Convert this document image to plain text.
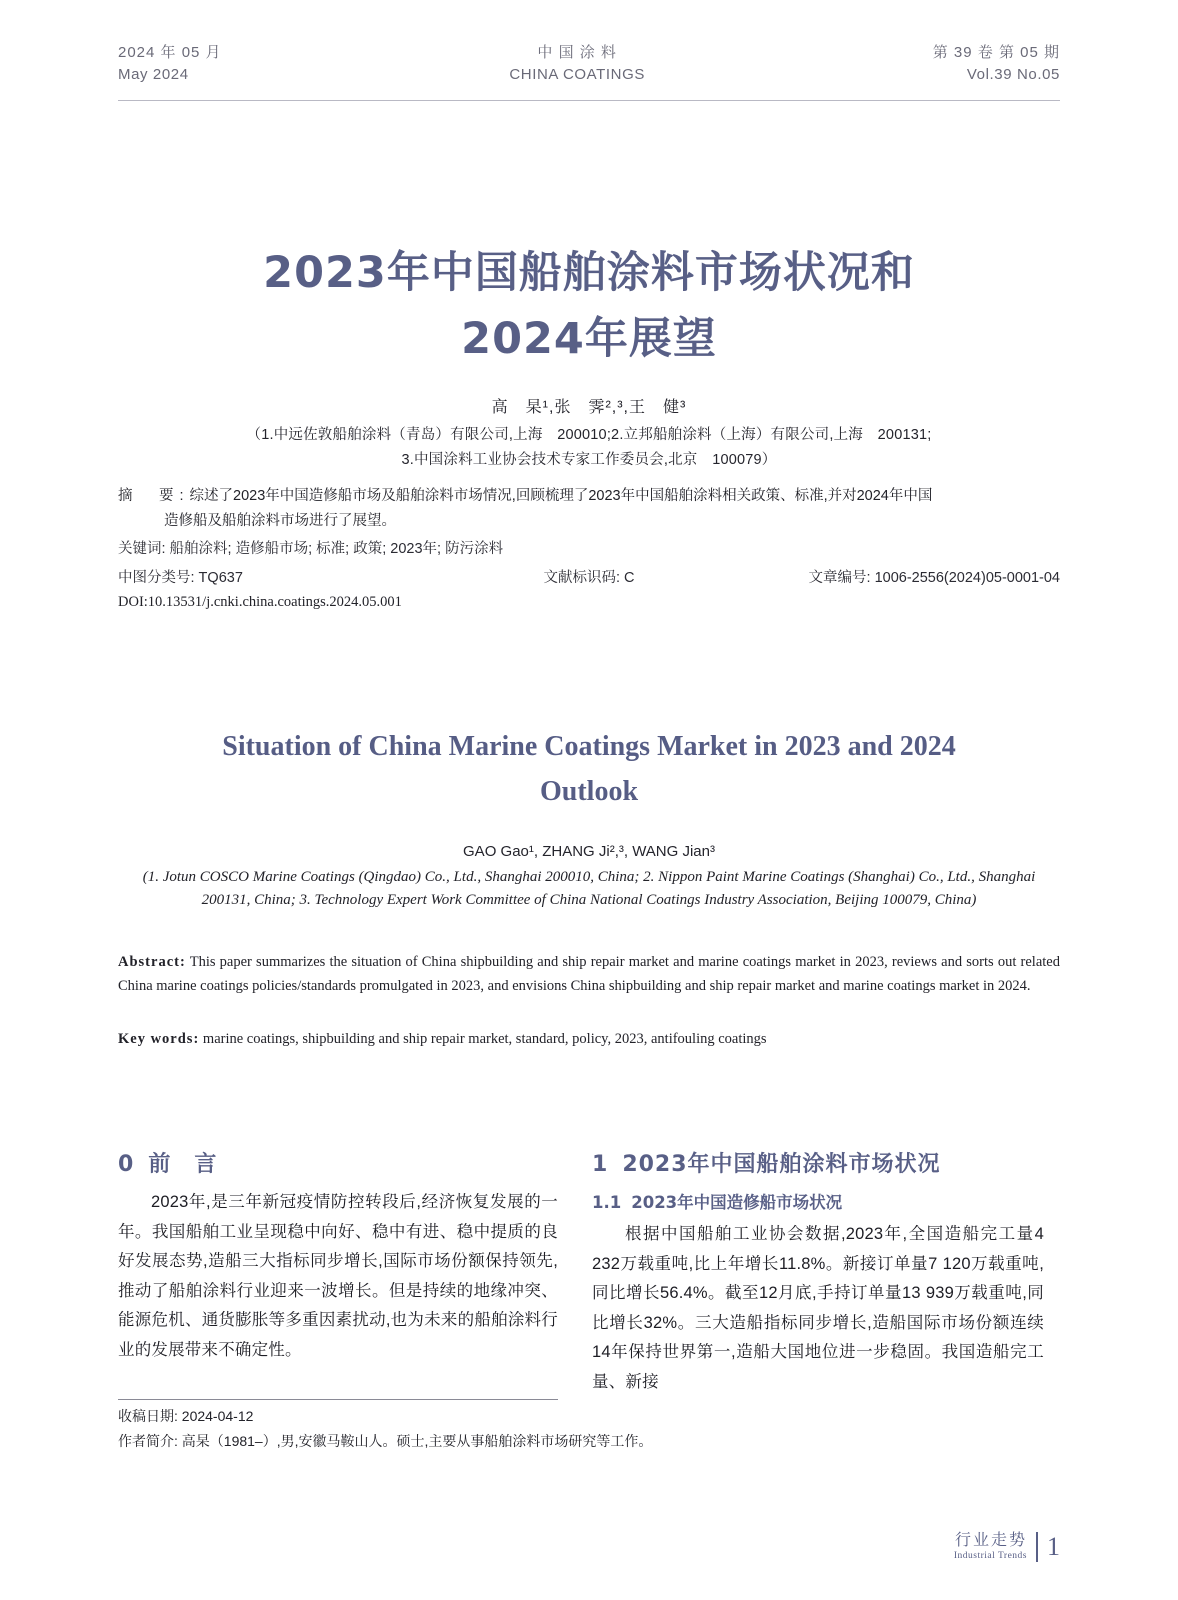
2024 年 05 月
May 2024
中 国 涂 料
CHINA COATINGS
第 39 卷 第 05 期
Vol.39 No.05
2023年中国船舶涂料市场状况和
2024年展望
高　杲¹,张　霁²,³,王　健³
（1.中远佐敦船舶涂料（青岛）有限公司,上海　200010;2.立邦船舶涂料（上海）有限公司,上海　200131;
3.中国涂料工业协会技术专家工作委员会,北京　100079）
摘　要:综述了2023年中国造修船市场及船舶涂料市场情况,回顾梳理了2023年中国船舶涂料相关政策、标准,并对2024年中国
造修船及船舶涂料市场进行了展望。
关键词: 船舶涂料; 造修船市场; 标准; 政策; 2023年; 防污涂料
中图分类号: TQ637	文献标识码: C	文章编号: 1006-2556(2024)05-0001-04
DOI:10.13531/j.cnki.china.coatings.2024.05.001
Situation of China Marine Coatings Market in 2023 and 2024
Outlook
GAO Gao¹, ZHANG Ji²,³, WANG Jian³
(1. Jotun COSCO Marine Coatings (Qingdao) Co., Ltd., Shanghai 200010, China; 2. Nippon Paint Marine Coatings (Shanghai) Co., Ltd., Shanghai 200131, China; 3. Technology Expert Work Committee of China National Coatings Industry Association, Beijing 100079, China)

Abstract: This paper summarizes the situation of China shipbuilding and ship repair market and marine coatings market in 2023, reviews and sorts out related China marine coatings policies/standards promulgated in 2023, and envisions China shipbuilding and ship repair market and marine coatings market in 2024.

Key words: marine coatings, shipbuilding and ship repair market, standard, policy, 2023, antifouling coatings
0 前　言
2023年,是三年新冠疫情防控转段后,经济恢复发展的一年。我国船舶工业呈现稳中向好、稳中有进、稳中提质的良好发展态势,造船三大指标同步增长,国际市场份额保持领先,推动了船舶涂料行业迎来一波增长。但是持续的地缘冲突、能源危机、通货膨胀等多重因素扰动,也为未来的船舶涂料行业的发展带来不确定性。
1 2023年中国船舶涂料市场状况
1.1 2023年中国造修船市场状况
根据中国船舶工业协会数据,2023年,全国造船完工量4 232万载重吨,比上年增长11.8%。新接订单量7 120万载重吨,同比增长56.4%。截至12月底,手持订单量13 939万载重吨,同比增长32%。三大造船指标同步增长,造船国际市场份额连续14年保持世界第一,造船大国地位进一步稳固。我国造船完工量、新接
收稿日期: 2024-04-12
作者简介: 高杲（1981–）,男,安徽马鞍山人。硕士,主要从事船舶涂料市场研究等工作。
行业走势
Industrial Trends 1
